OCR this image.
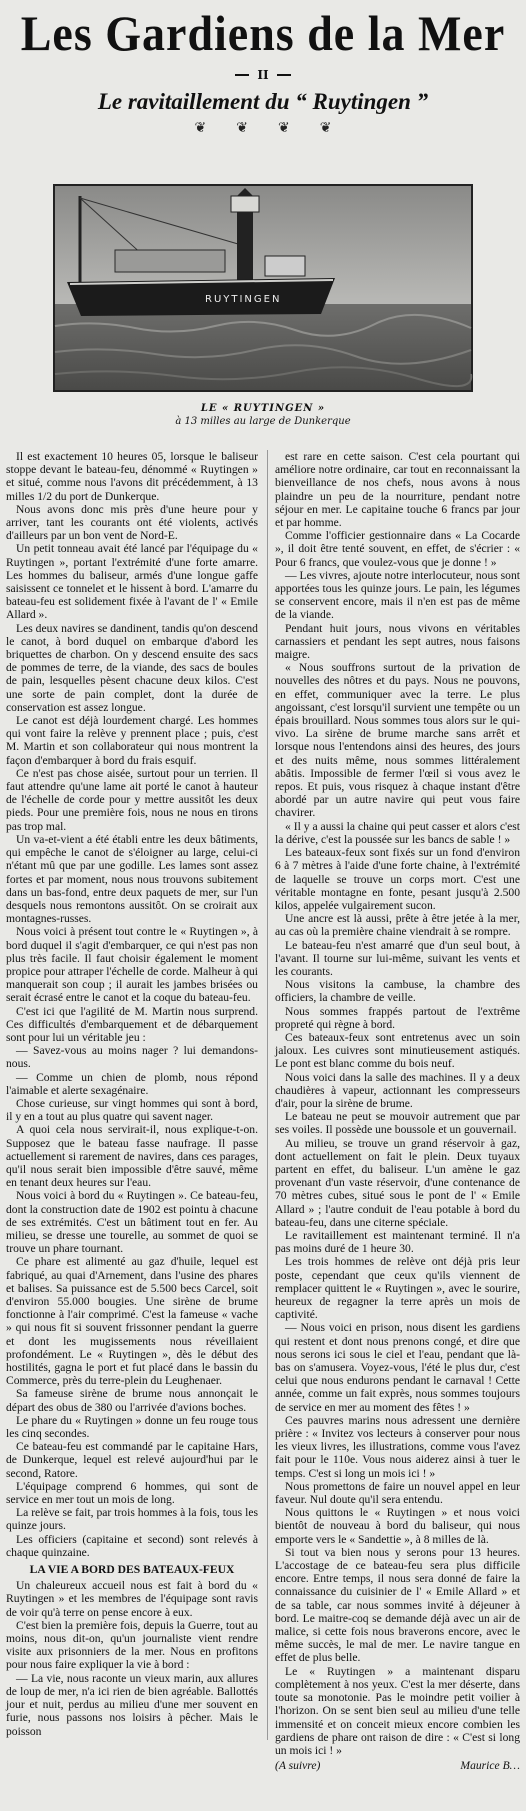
Les Gardiens de la Mer
II
Le ravitaillement du “ Ruytingen ”
❦ ❦ ❦ ❦
RUYTINGEN
LE « RUYTINGEN »
à 13 milles au large de Dunkerque

Il est exactement 10 heures 05, lorsque le baliseur stoppe devant le bateau-feu, dénommé « Ruytingen » et situé, comme nous l'avons dit précédemment, à 13 milles 1/2 du port de Dunkerque.

Nous avons donc mis près d'une heure pour y arriver, tant les courants ont été violents, activés d'ailleurs par un bon vent de Nord-E.

Un petit tonneau avait été lancé par l'équipage du « Ruytingen », portant l'extrémité d'une forte amarre. Les hommes du baliseur, armés d'une longue gaffe saisissent ce tonnelet et le hissent à bord. L'amarre du bateau-feu est solidement fixée à l'avant de l' « Emile Allard ».

Les deux navires se dandinent, tandis qu'on descend le canot, à bord duquel on embarque d'abord les briquettes de charbon. On y descend ensuite des sacs de pommes de terre, de la viande, des sacs de boules de pain, lesquelles pèsent chacune deux kilos. C'est une sorte de pain complet, dont la durée de conservation est assez longue.

Le canot est déjà lourdement chargé. Les hommes qui vont faire la relève y prennent place ; puis, c'est M. Martin et son collaborateur qui nous montrent la façon d'embarquer à bord du frais esquif.

Ce n'est pas chose aisée, surtout pour un terrien. Il faut attendre qu'une lame ait porté le canot à hauteur de l'échelle de corde pour y mettre aussitôt les deux pieds. Pour une première fois, nous ne nous en tirons pas trop mal.

Un va-et-vient a été établi entre les deux bâtiments, qui empêche le canot de s'éloigner au large, celui-ci n'étant mû que par une godille. Les lames sont assez fortes et par moment, nous nous trouvons subitement dans un bas-fond, entre deux paquets de mer, sur l'un desquels nous remontons aussitôt. On se croirait aux montagnes-russes.

Nous voici à présent tout contre le « Ruytingen », à bord duquel il s'agit d'embarquer, ce qui n'est pas non plus très facile. Il faut choisir également le moment propice pour attraper l'échelle de corde. Malheur à qui manquerait son coup ; il aurait les jambes brisées ou serait écrasé entre le canot et la coque du bateau-feu.

C'est ici que l'agilité de M. Martin nous surprend. Ces difficultés d'embarquement et de débarquement sont pour lui un véritable jeu :

— Savez-vous au moins nager ? lui demandons-nous.

— Comme un chien de plomb, nous répond l'aimable et alerte sexagénaire.

Chose curieuse, sur vingt hommes qui sont à bord, il y en a tout au plus quatre qui savent nager.

A quoi cela nous servirait-il, nous explique-t-on. Supposez que le bateau fasse naufrage. Il passe actuellement si rarement de navires, dans ces parages, qu'il nous serait bien impossible d'être sauvé, même en tenant deux heures sur l'eau.

Nous voici à bord du « Ruytingen ». Ce bateau-feu, dont la construction date de 1902 est pointu à chacune de ses extrémités. C'est un bâtiment tout en fer. Au milieu, se dresse une tourelle, au sommet de quoi se trouve un phare tournant.

Ce phare est alimenté au gaz d'huile, lequel est fabriqué, au quai d'Arnement, dans l'usine des phares et balises. Sa puissance est de 5.500 becs Carcel, soit d'environ 55.000 bougies. Une sirène de brume fonctionne à l'air comprimé. C'est la fameuse « vache » qui nous fit si souvent frissonner pendant la guerre et dont les mugissements nous réveillaient profondément. Le « Ruytingen », dès le début des hostilités, gagna le port et fut placé dans le bassin du Commerce, près du terre-plein du Leughenaer.

Sa fameuse sirène de brume nous annonçait le départ des obus de 380 ou l'arrivée d'avions boches.

Le phare du « Ruytingen » donne un feu rouge tous les cinq secondes.

Ce bateau-feu est commandé par le capitaine Hars, de Dunkerque, lequel est relevé aujourd'hui par le second, Ratore.

L'équipage comprend 6 hommes, qui sont de service en mer tout un mois de long.

La relève se fait, par trois hommes à la fois, tous les quinze jours.

Les officiers (capitaine et second) sont relevés à chaque quinzaine.

LA VIE A BORD DES BATEAUX-FEUX

Un chaleureux accueil nous est fait à bord du « Ruytingen » et les membres de l'équipage sont ravis de voir qu'à terre on pense encore à eux.

C'est bien la première fois, depuis la Guerre, tout au moins, nous dit-on, qu'un journaliste vient rendre visite aux prisonniers de la mer. Nous en profitons pour nous faire expliquer la vie à bord :

— La vie, nous raconte un vieux marin, aux allures de loup de mer, n'a ici rien de bien agréable. Ballottés jour et nuit, perdus au milieu d'une mer souvent en furie, nous passons nos loisirs à pêcher. Mais le poisson

est rare en cette saison. C'est cela pourtant qui améliore notre ordinaire, car tout en reconnaissant la bienveillance de nos chefs, nous avons à nous plaindre un peu de la nourriture, pendant notre séjour en mer. Le capitaine touche 6 francs par jour et par homme.

Comme l'officier gestionnaire dans « La Cocarde », il doit être tenté souvent, en effet, de s'écrier : « Pour 6 francs, que voulez-vous que je donne ! »

— Les vivres, ajoute notre interlocuteur, nous sont apportées tous les quinze jours. Le pain, les légumes se conservent encore, mais il n'en est pas de même de la viande.

Pendant huit jours, nous vivons en véritables carnassiers et pendant les sept autres, nous faisons maigre.

« Nous souffrons surtout de la privation de nouvelles des nôtres et du pays. Nous ne pouvons, en effet, communiquer avec la terre. Le plus angoissant, c'est lorsqu'il survient une tempête ou un épais brouillard. Nous sommes tous alors sur le qui-vivo. La sirène de brume marche sans arrêt et lorsque nous l'entendons ainsi des heures, des jours et des nuits même, nous sommes littéralement abâtis. Impossible de fermer l'œil si vous avez le repos. Et puis, vous risquez à chaque instant d'être abordé par un autre navire qui peut vous faire chavirer.

« Il y a aussi la chaine qui peut casser et alors c'est la dérive, c'est la poussée sur les bancs de sable ! »

Les bateaux-feux sont fixés sur un fond d'environ 6 à 7 mètres à l'aide d'une forte chaine, à l'extrémité de laquelle se trouve un corps mort. C'est une véritable montagne en fonte, pesant jusqu'à 2.500 kilos, appelée vulgairement sucon.

Une ancre est là aussi, prête à être jetée à la mer, au cas où la première chaine viendrait à se rompre.

Le bateau-feu n'est amarré que d'un seul bout, à l'avant. Il tourne sur lui-même, suivant les vents et les courants.

Nous visitons la cambuse, la chambre des officiers, la chambre de veille.

Nous sommes frappés partout de l'extrême propreté qui règne à bord.

Ces bateaux-feux sont entretenus avec un soin jaloux. Les cuivres sont minutieusement astiqués. Le pont est blanc comme du bois neuf.

Nous voici dans la salle des machines. Il y a deux chaudières à vapeur, actionnant les compresseurs d'air, pour la sirène de brume.

Le bateau ne peut se mouvoir autrement que par ses voiles. Il possède une boussole et un gouvernail.

Au milieu, se trouve un grand réservoir à gaz, dont actuellement on fait le plein. Deux tuyaux partent en effet, du baliseur. L'un amène le gaz provenant d'un vaste réservoir, d'une contenance de 70 mètres cubes, situé sous le pont de l' « Emile Allard » ; l'autre conduit de l'eau potable à bord du bateau-feu, dans une citerne spéciale.

Le ravitaillement est maintenant terminé. Il n'a pas moins duré de 1 heure 30.

Les trois hommes de relève ont déjà pris leur poste, cependant que ceux qu'ils viennent de remplacer quittent le « Ruytingen », avec le sourire, heureux de regagner la terre après un mois de captivité.

— Nous voici en prison, nous disent les gardiens qui restent et dont nous prenons congé, et dire que nous serons ici sous le ciel et l'eau, pendant que là-bas on s'amusera. Voyez-vous, l'été le plus dur, c'est celui que nous endurons pendant le carnaval ! Cette année, comme un fait exprès, nous sommes toujours de service en mer au moment des fêtes ! »

Ces pauvres marins nous adressent une dernière prière : « Invitez vos lecteurs à conserver pour nous les vieux livres, les illustrations, comme vous l'avez fait pour le 110e. Vous nous aiderez ainsi à tuer le temps. C'est si long un mois ici ! »

Nous promettons de faire un nouvel appel en leur faveur. Nul doute qu'il sera entendu.

Nous quittons le « Ruytingen » et nous voici bientôt de nouveau à bord du baliseur, qui nous emporte vers le « Sandettie », à 8 milles de là.

Si tout va bien nous y serons pour 13 heures. L'accostage de ce bateau-feu sera plus difficile encore. Entre temps, il nous sera donné de faire la connaissance du cuisinier de l' « Emile Allard » et de sa table, car nous sommes invité à déjeuner à bord. Le maitre-coq se demande déjà avec un air de malice, si cette fois nous braverons encore, avec le même succès, le mal de mer. Le navire tangue en effet de plus belle.

Le « Ruytingen » a maintenant disparu complètement à nos yeux. C'est la mer déserte, dans toute sa monotonie. Pas le moindre petit voilier à l'horizon. On se sent bien seul au milieu d'une telle immensité et on conceit mieux encore combien les gardiens de phare ont raison de dire : « C'est si long un mois ici ! »

(A suivre)	Maurice B…
